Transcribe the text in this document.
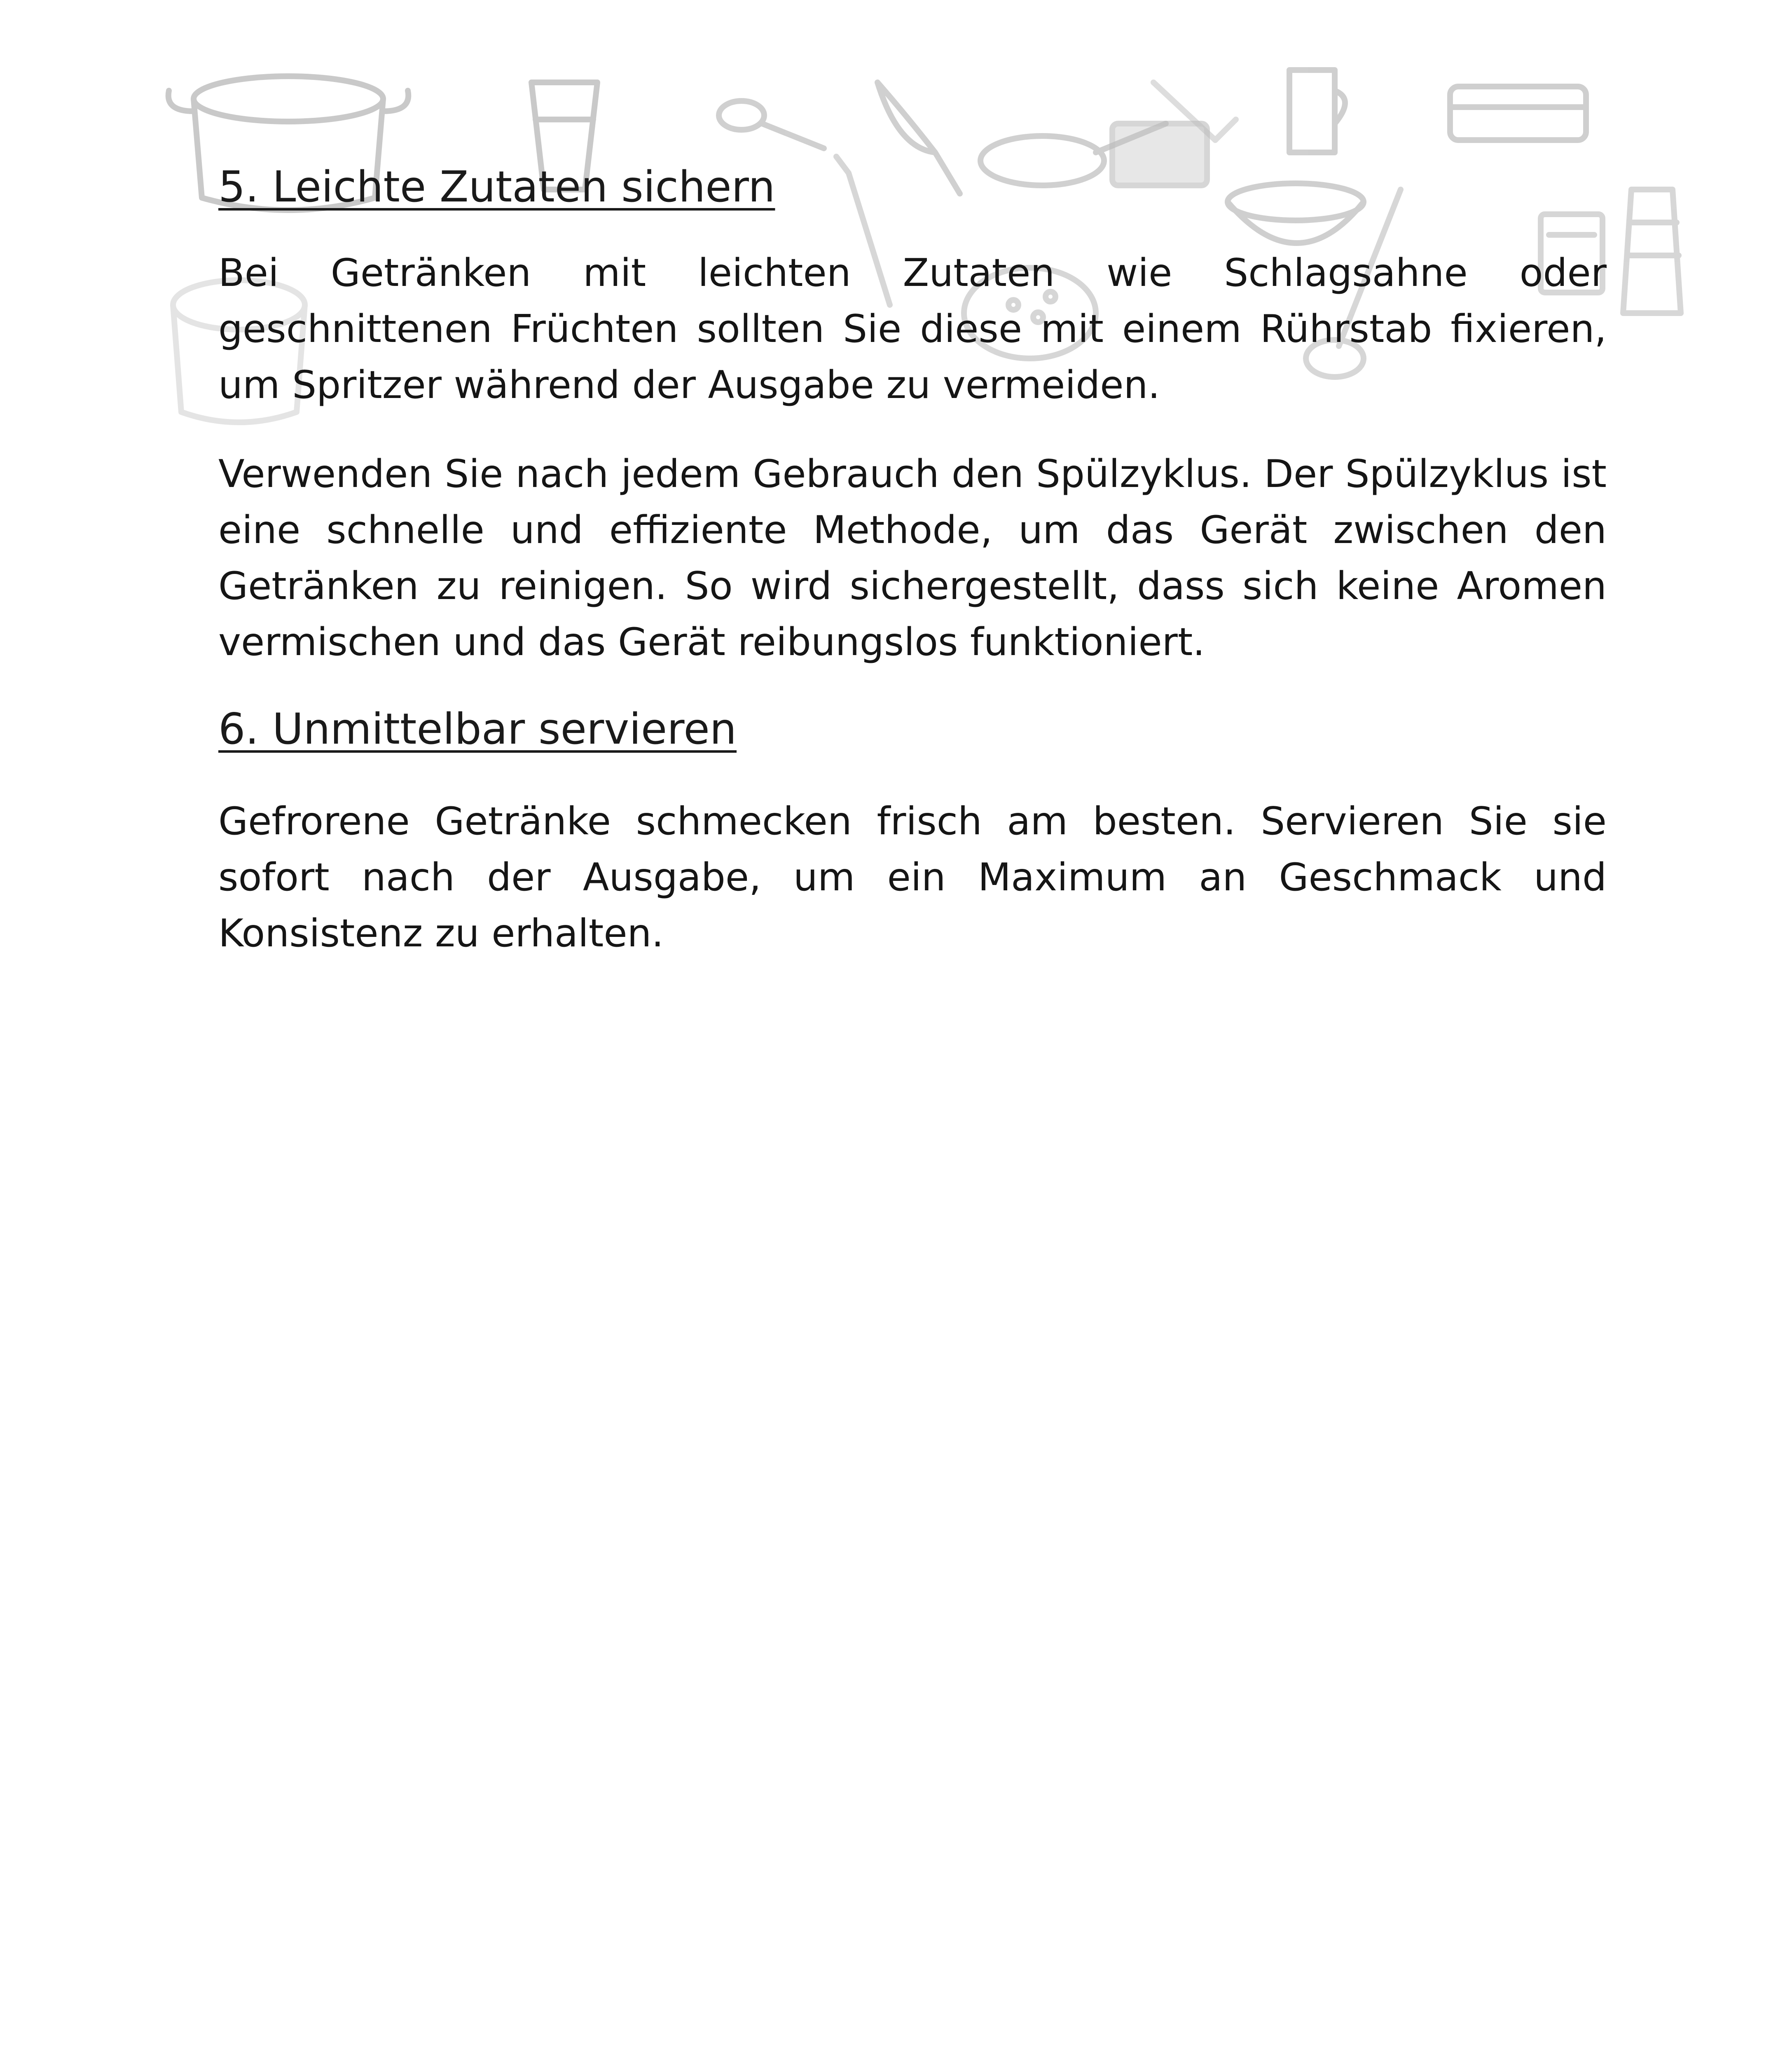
5. Leichte Zutaten sichern

Bei Getränken mit leichten Zutaten wie Schlagsahne oder geschnittenen Früchten sollten Sie diese mit einem Rührstab fixieren, um Spritzer während der Ausgabe zu vermeiden.

Verwenden Sie nach jedem Gebrauch den Spülzyklus. Der Spülzyklus ist eine schnelle und effiziente Methode, um das Gerät zwischen den Getränken zu reinigen. So wird sichergestellt, dass sich keine Aromen vermischen und das Gerät reibungslos funktioniert.

6. Unmittelbar servieren

Gefrorene Getränke schmecken frisch am besten. Servieren Sie sie sofort nach der Ausgabe, um ein Maximum an Geschmack und Konsistenz zu erhalten.
